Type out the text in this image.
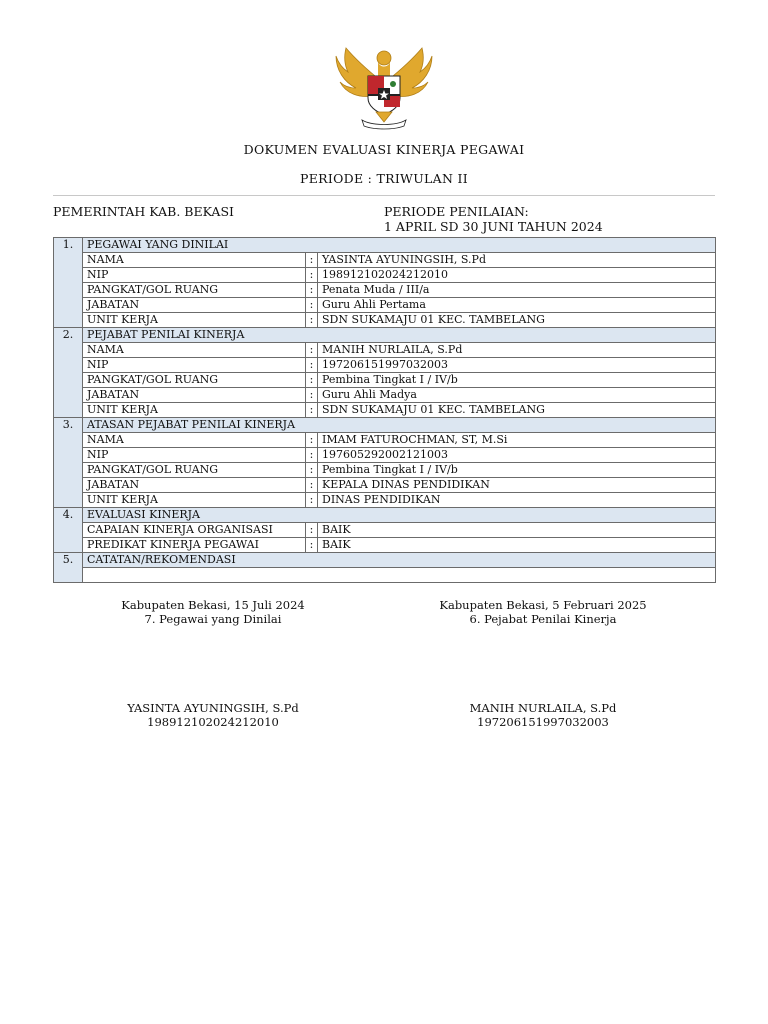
DOKUMEN EVALUASI KINERJA PEGAWAI
PERIODE : TRIWULAN II
PEMERINTAH KAB. BEKASI	PERIODE PENILAIAN:
1 APRIL SD 30 JUNI TAHUN 2024
1.	PEGAWAI YANG DINILAI		
	NAMA	:	YASINTA AYUNINGSIH, S.Pd
	NIP	:	198912102024212010
	PANGKAT/GOL RUANG	:	Penata Muda / III/a
	JABATAN	:	Guru Ahli Pertama
	UNIT KERJA	:	SDN SUKAMAJU 01 KEC. TAMBELANG
2.	PEJABAT PENILAI KINERJA		
	NAMA	:	MANIH NURLAILA, S.Pd
	NIP	:	197206151997032003
	PANGKAT/GOL RUANG	:	Pembina Tingkat I / IV/b
	JABATAN	:	Guru Ahli Madya
	UNIT KERJA	:	SDN SUKAMAJU 01 KEC. TAMBELANG
3.	ATASAN PEJABAT PENILAI KINERJA		
	NAMA	:	IMAM FATUROCHMAN, ST, M.Si
	NIP	:	197605292002121003
	PANGKAT/GOL RUANG	:	Pembina Tingkat I / IV/b
	JABATAN	:	KEPALA DINAS PENDIDIKAN
	UNIT KERJA	:	DINAS PENDIDIKAN
4.	EVALUASI KINERJA		
	CAPAIAN KINERJA ORGANISASI	:	BAIK
	PREDIKAT KINERJA PEGAWAI	:	BAIK
5.	CATATAN/REKOMENDASI		

Kabupaten Bekasi, 15 Juli 2024
7. Pegawai yang Dinilai
YASINTA AYUNINGSIH, S.Pd
198912102024212010
Kabupaten Bekasi, 5 Februari 2025
6. Pejabat Penilai Kinerja
MANIH NURLAILA, S.Pd
197206151997032003
